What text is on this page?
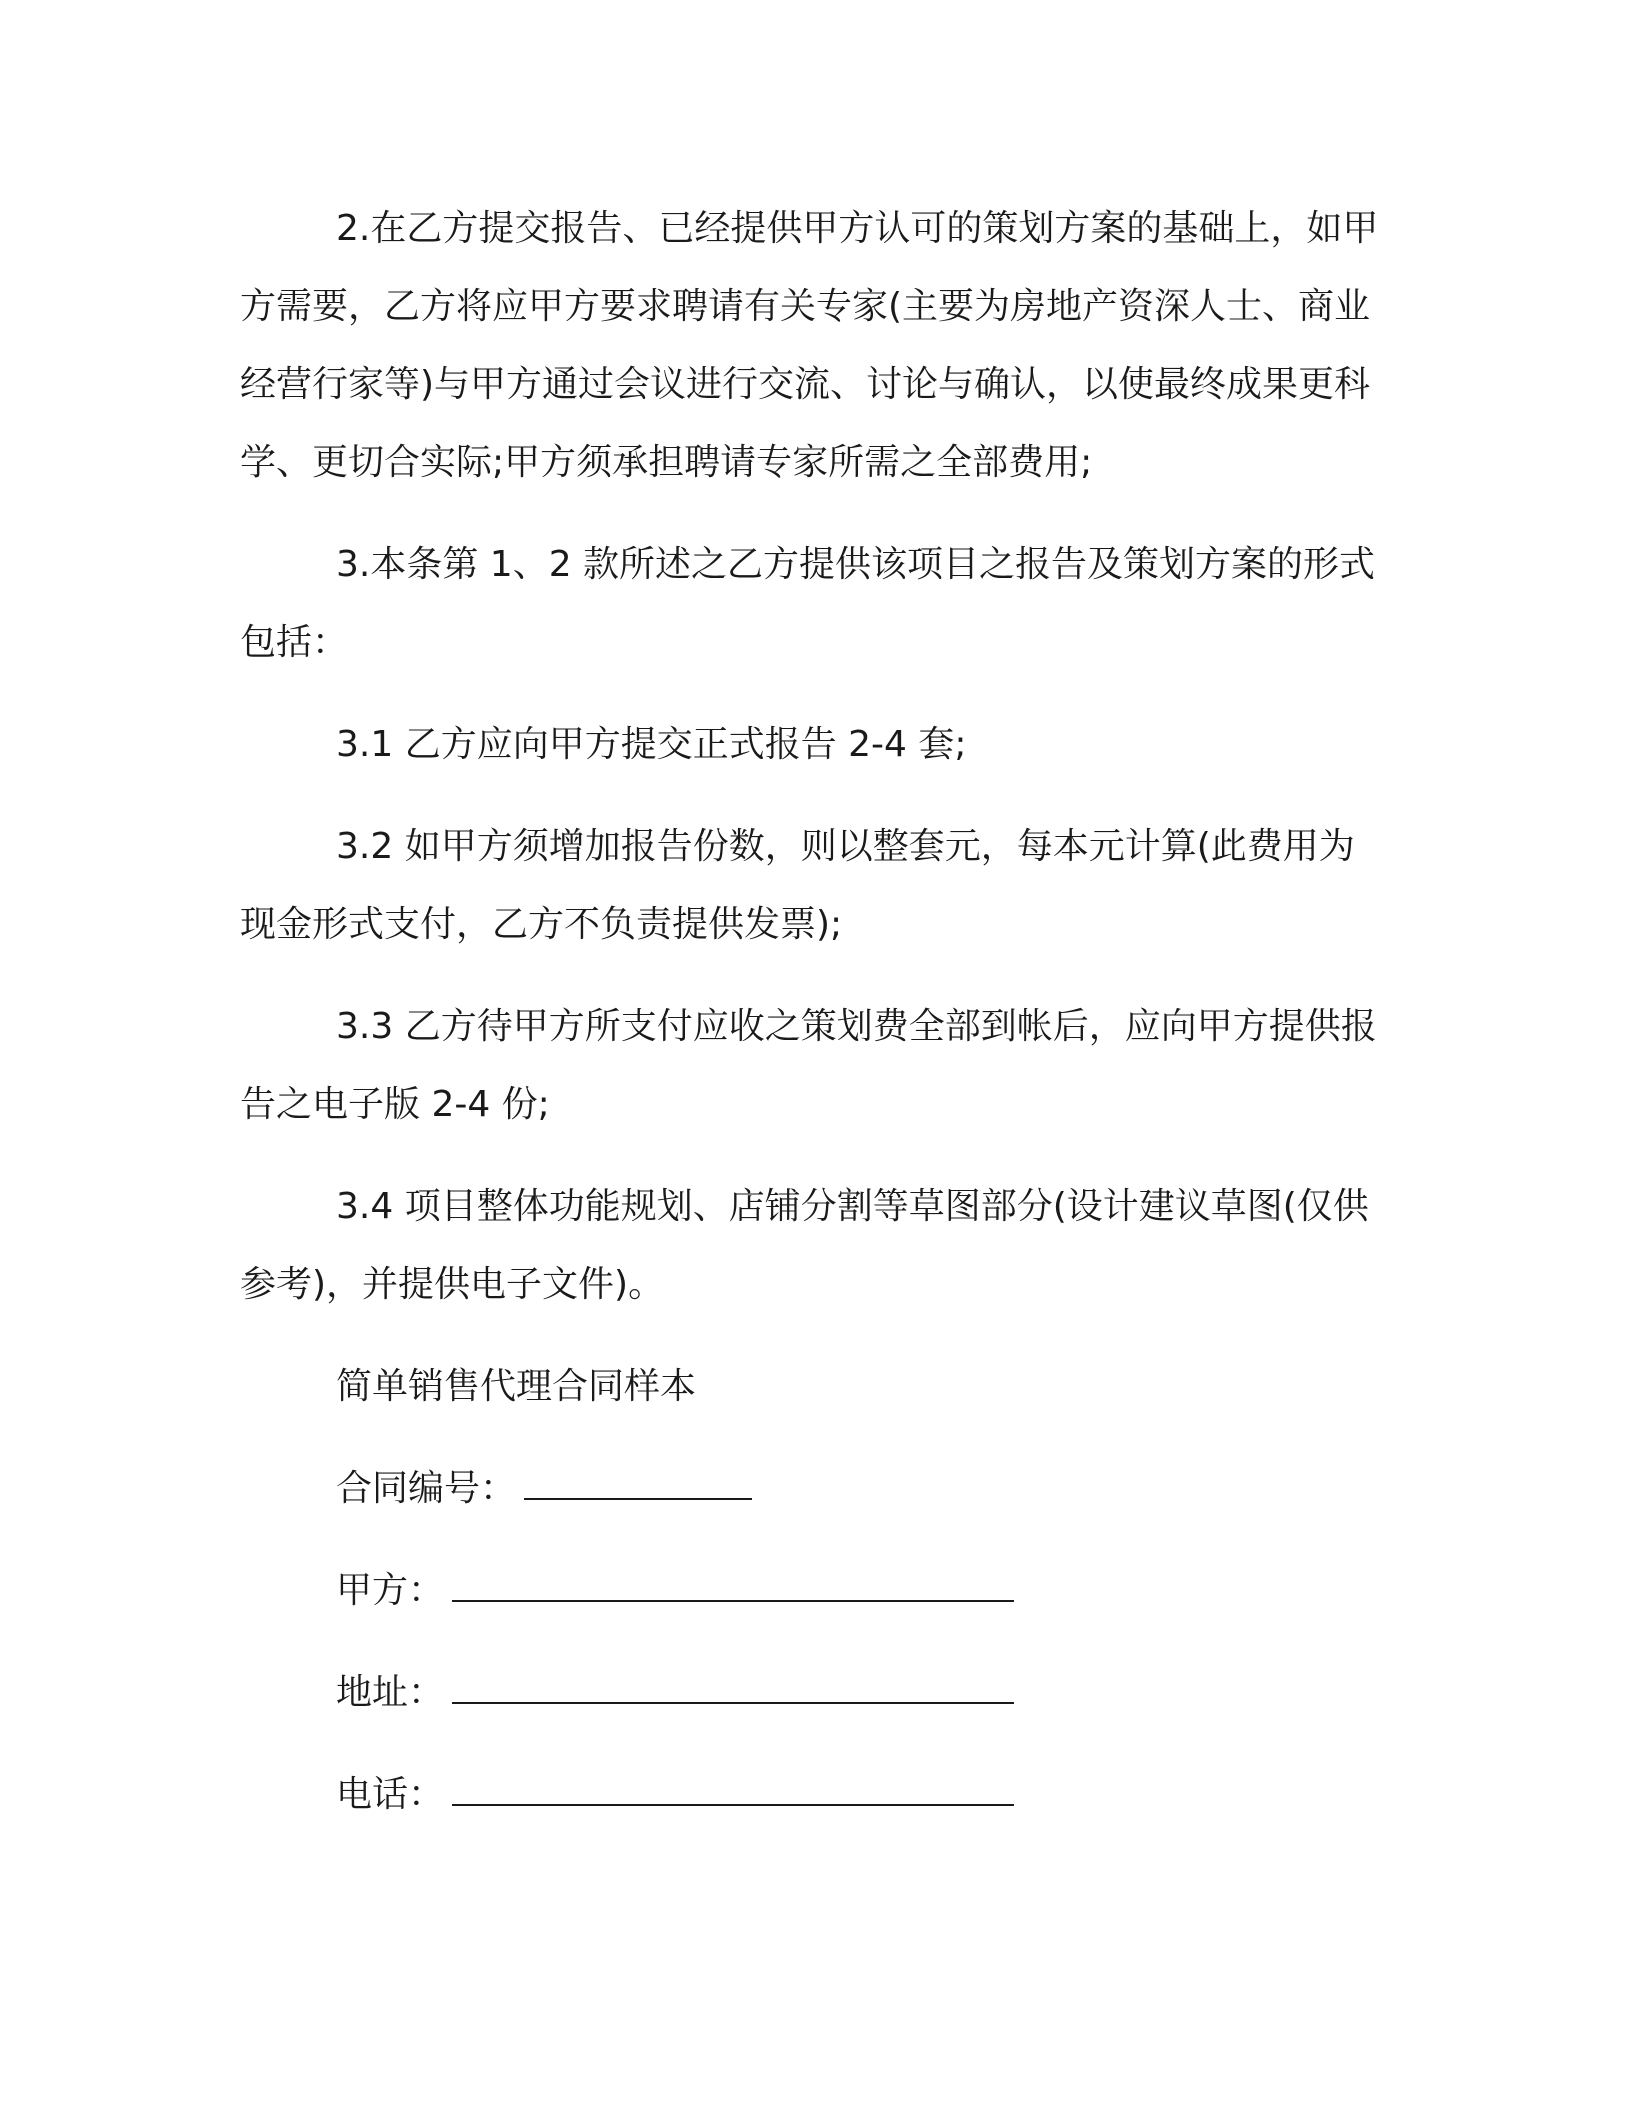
2.在乙方提交报告、已经提供甲方认可的策划方案的基础上，如甲方需要，乙方将应甲方要求聘请有关专家(主要为房地产资深人士、商业经营行家等)与甲方通过会议进行交流、讨论与确认，以使最终成果更科学、更切合实际;甲方须承担聘请专家所需之全部费用;

3.本条第 1、2 款所述之乙方提供该项目之报告及策划方案的形式包括：

3.1 乙方应向甲方提交正式报告 2-4 套;

3.2 如甲方须增加报告份数，则以整套元，每本元计算(此费用为现金形式支付，乙方不负责提供发票);

3.3 乙方待甲方所支付应收之策划费全部到帐后，应向甲方提供报告之电子版 2-4 份;

3.4 项目整体功能规划、店铺分割等草图部分(设计建议草图(仅供参考)，并提供电子文件)。

简单销售代理合同样本
合同编号：
甲方：
地址：
电话：
